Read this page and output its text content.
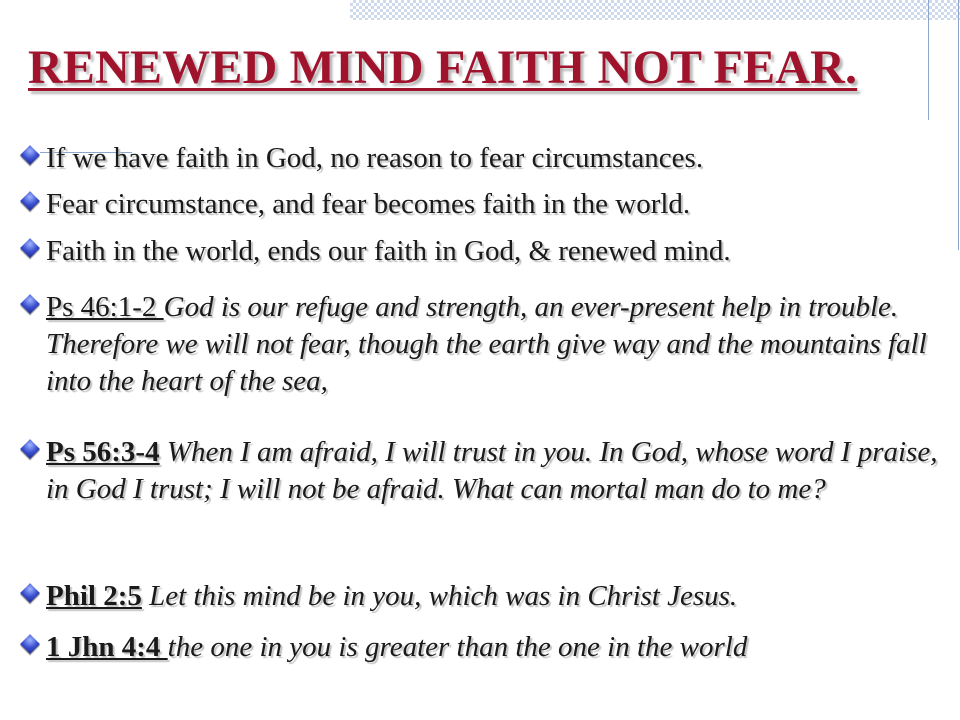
RENEWED MIND FAITH NOT FEAR.
If we have faith in God, no reason to fear circumstances.
Fear circumstance, and fear becomes faith in the world.
Faith in the world, ends our faith in God, & renewed mind.
Ps 46:1-2 God is our refuge and strength, an ever-present help in trouble. Therefore we will not fear, though the earth give way and the mountains fall into the heart of the sea,
Ps 56:3-4 When I am afraid, I will trust in you. In God, whose word I praise, in God I trust; I will not be afraid. What can mortal man do to me?
Phil 2:5 Let this mind be in you, which was in Christ Jesus.
1 Jhn 4:4 the one in you is greater than the one in the world
